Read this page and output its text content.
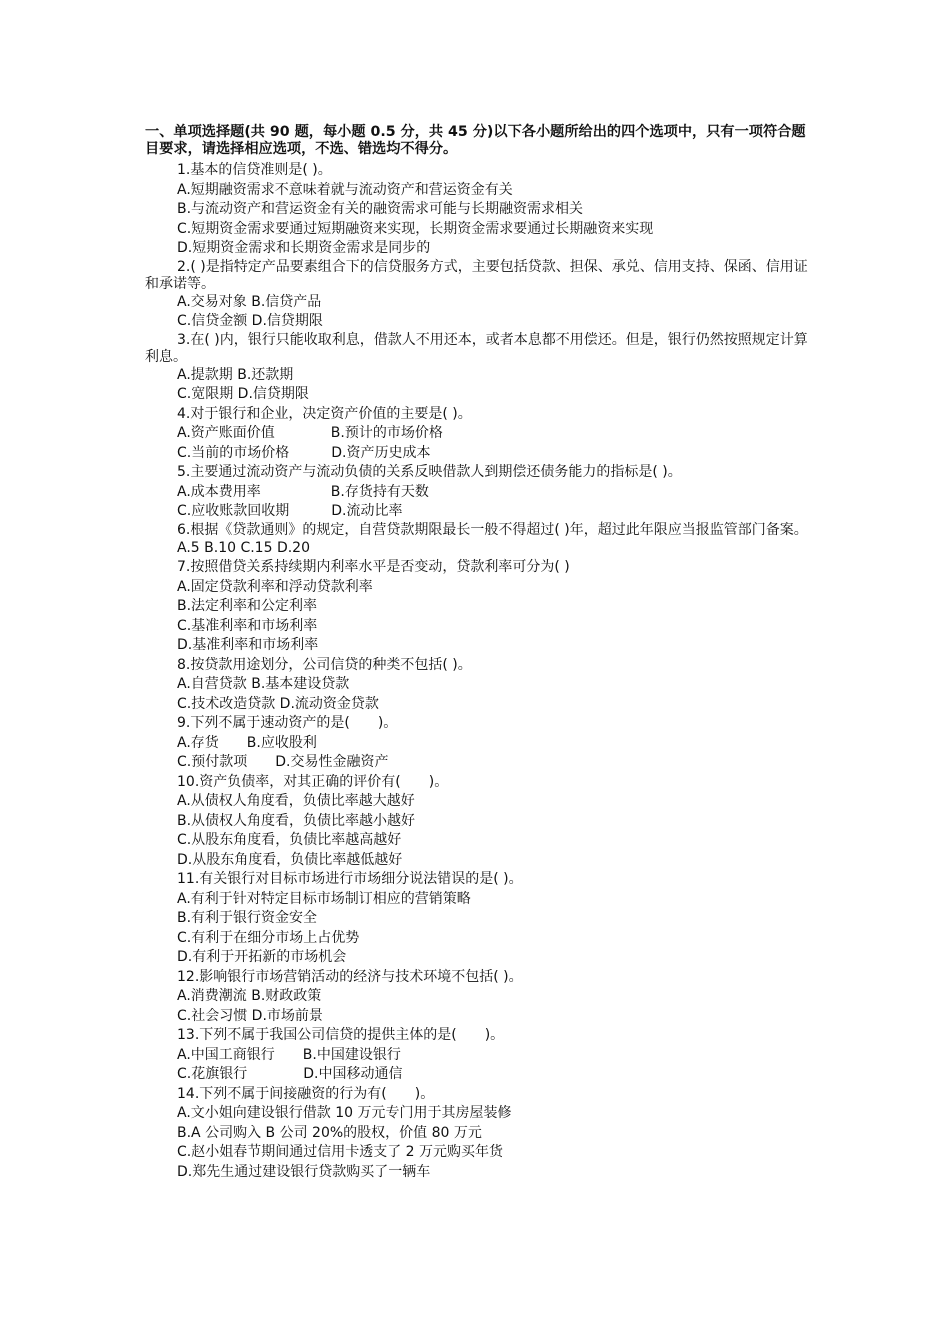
一、单项选择题(共 90 题，每小题 0.5 分，共 45 分)以下各小题所给出的四个选项中，只有一项符合题目要求，请选择相应选项，不选、错选均不得分。
1.基本的信贷准则是( )。
A.短期融资需求不意味着就与流动资产和营运资金有关
B.与流动资产和营运资金有关的融资需求可能与长期融资需求相关
C.短期资金需求要通过短期融资来实现，长期资金需求要通过长期融资来实现
D.短期资金需求和长期资金需求是同步的
2.( )是指特定产品要素组合下的信贷服务方式，主要包括贷款、担保、承兑、信用支持、保函、信用证和承诺等。
A.交易对象 B.信贷产品
C.信贷金额 D.信贷期限
3.在( )内，银行只能收取利息，借款人不用还本，或者本息都不用偿还。但是，银行仍然按照规定计算利息。
A.提款期 B.还款期
C.宽限期 D.信贷期限
4.对于银行和企业，决定资产价值的主要是( )。
A.资产账面价值　　　　B.预计的市场价格
C.当前的市场价格　　　D.资产历史成本
5.主要通过流动资产与流动负债的关系反映借款人到期偿还债务能力的指标是( )。
A.成本费用率　　　　　B.存货持有天数
C.应收账款回收期　　　D.流动比率
6.根据《贷款通则》的规定，自营贷款期限最长一般不得超过( )年，超过此年限应当报监管部门备案。
A.5 B.10 C.15 D.20
7.按照借贷关系持续期内利率水平是否变动，贷款利率可分为( )
A.固定贷款利率和浮动贷款利率
B.法定利率和公定利率
C.基准利率和市场利率
D.基准利率和市场利率
8.按贷款用途划分，公司信贷的种类不包括( )。
A.自营贷款 B.基本建设贷款
C.技术改造贷款 D.流动资金贷款
9.下列不属于速动资产的是(　　)。
A.存货　　B.应收股利
C.预付款项　　D.交易性金融资产
10.资产负债率，对其正确的评价有(　　)。
A.从债权人角度看，负债比率越大越好
B.从债权人角度看，负债比率越小越好
C.从股东角度看，负债比率越高越好
D.从股东角度看，负债比率越低越好
11.有关银行对目标市场进行市场细分说法错误的是( )。
A.有利于针对特定目标市场制订相应的营销策略
B.有利于银行资金安全
C.有利于在细分市场上占优势
D.有利于开拓新的市场机会
12.影响银行市场营销活动的经济与技术环境不包括( )。
A.消费潮流 B.财政政策
C.社会习惯 D.市场前景
13.下列不属于我国公司信贷的提供主体的是(　　)。
A.中国工商银行　　B.中国建设银行
C.花旗银行　　　　D.中国移动通信
14.下列不属于间接融资的行为有(　　)。
A.文小姐向建设银行借款 10 万元专门用于其房屋装修
B.A 公司购入 B 公司 20%的股权，价值 80 万元
C.赵小姐春节期间通过信用卡透支了 2 万元购买年货
D.郑先生通过建设银行贷款购买了一辆车
